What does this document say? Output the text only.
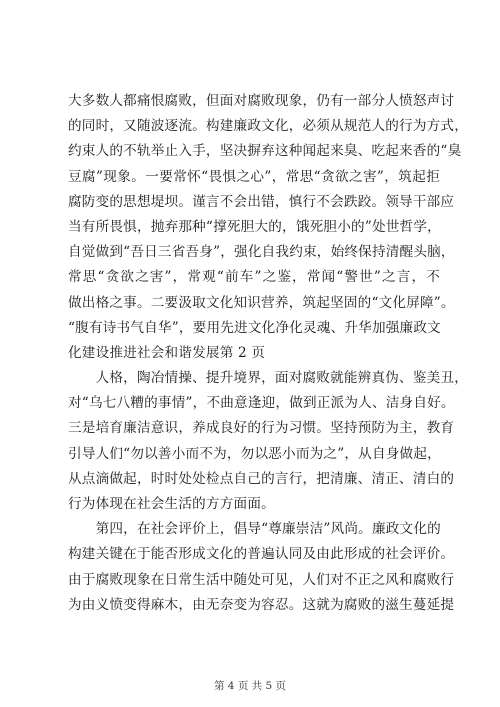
大多数人都痛恨腐败，但面对腐败现象，仍有一部分人愤怒声讨
的同时，又随波逐流。构建廉政文化，必须从规范人的行为方式，
约束人的不轨举止入手，坚决摒弃这种闻起来臭、吃起来香的“臭
豆腐”现象。一要常怀“畏惧之心”，常思“贪欲之害”，筑起拒
腐防变的思想堤坝。谨言不会出错，慎行不会跌跤。领导干部应
当有所畏惧，抛弃那种“撑死胆大的，饿死胆小的”处世哲学，
自觉做到“吾日三省吾身”，强化自我约束，始终保持清醒头脑，
常思“贪欲之害”，常观“前车”之鉴，常闻“警世”之言，不
做出格之事。二要汲取文化知识营养，筑起坚固的“文化屏障”。
“腹有诗书气自华”，要用先进文化净化灵魂、升华加强廉政文
化建设推进社会和谐发展第 2 页
　　人格，陶冶情操、提升境界，面对腐败就能辨真伪、鉴美丑，
对“乌七八糟的事情”，不曲意逢迎，做到正派为人、洁身自好。
三是培育廉洁意识，养成良好的行为习惯。坚持预防为主，教育
引导人们“勿以善小而不为，勿以恶小而为之”，从自身做起，
从点滴做起，时时处处检点自己的言行，把清廉、清正、清白的
行为体现在社会生活的方方面面。
　　第四，在社会评价上，倡导“尊廉崇洁”风尚。廉政文化的
构建关键在于能否形成文化的普遍认同及由此形成的社会评价。
由于腐败现象在日常生活中随处可见，人们对不正之风和腐败行
为由义愤变得麻木，由无奈变为容忍。这就为腐败的滋生蔓延提
第 4 页 共 5 页
